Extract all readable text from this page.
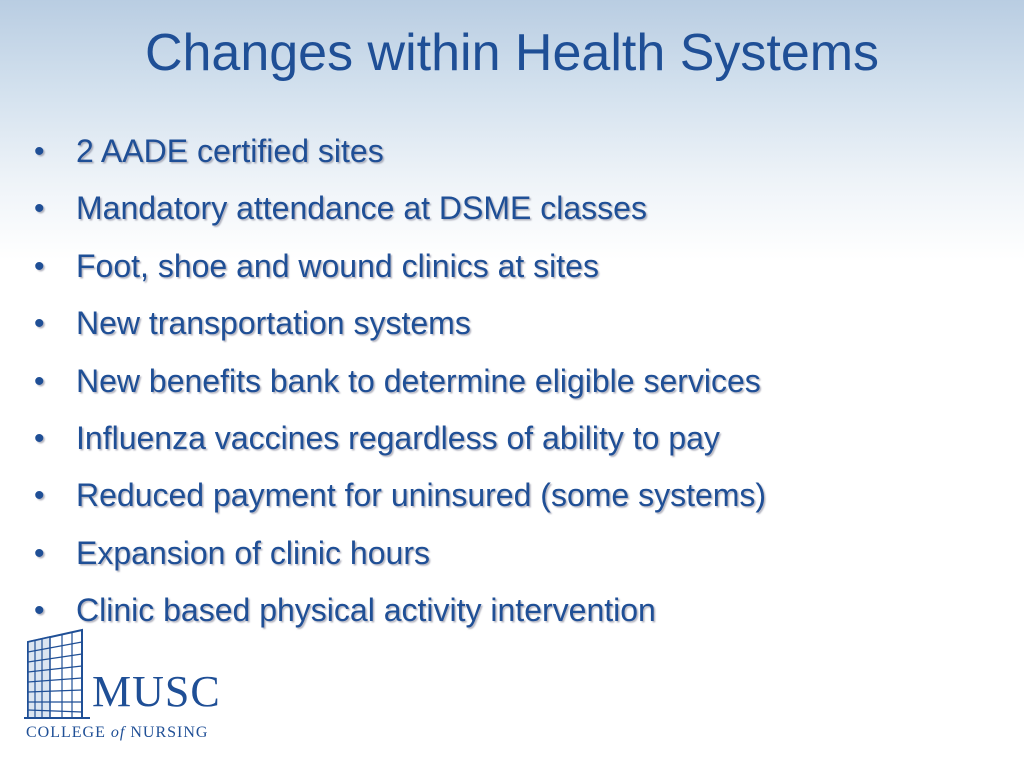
Changes within Health Systems
• 2 AADE certified sites
• Mandatory attendance at DSME classes
• Foot, shoe and wound clinics at sites
• New transportation systems
• New benefits bank to determine eligible services
• Influenza vaccines regardless of ability to pay
• Reduced payment for uninsured (some systems)
• Expansion of clinic hours
• Clinic based physical activity intervention
MUSC
COLLEGE of NURSING
